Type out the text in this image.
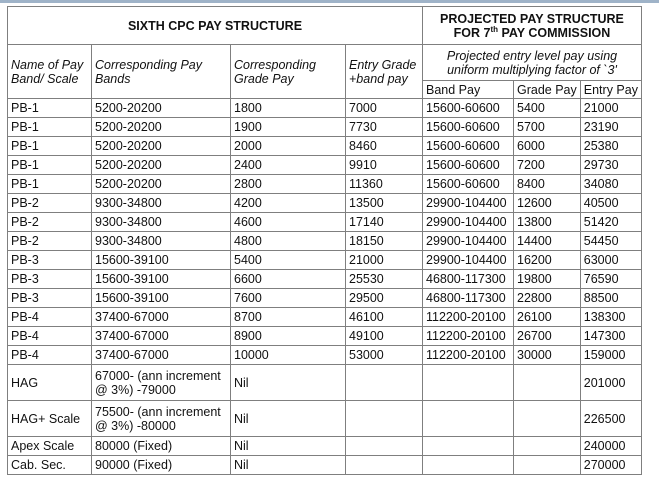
SIXTH CPC PAY STRUCTURE				PROJECTED PAY STRUCTURE
FOR 7th PAY COMMISSION		
Name of Pay Band/ Scale	Corresponding Pay Bands	Corresponding Grade Pay	Entry Grade +band pay	Projected entry level pay using uniform multiplying factor of `3'		
				Band Pay	Grade Pay	Entry Pay
PB-1	5200-20200	1800	7000	15600-60600	5400	21000
PB-1	5200-20200	1900	7730	15600-60600	5700	23190
PB-1	5200-20200	2000	8460	15600-60600	6000	25380
PB-1	5200-20200	2400	9910	15600-60600	7200	29730
PB-1	5200-20200	2800	11360	15600-60600	8400	34080
PB-2	9300-34800	4200	13500	29900-104400	12600	40500
PB-2	9300-34800	4600	17140	29900-104400	13800	51420
PB-2	9300-34800	4800	18150	29900-104400	14400	54450
PB-3	15600-39100	5400	21000	29900-104400	16200	63000
PB-3	15600-39100	6600	25530	46800-117300	19800	76590
PB-3	15600-39100	7600	29500	46800-117300	22800	88500
PB-4	37400-67000	8700	46100	112200-20100	26100	138300
PB-4	37400-67000	8900	49100	112200-20100	26700	147300
PB-4	37400-67000	10000	53000	112200-20100	30000	159000
HAG	67000- (ann increment @ 3%) -79000	Nil				201000
HAG+ Scale	75500- (ann increment @ 3%) -80000	Nil				226500
Apex Scale	80000 (Fixed)	Nil				240000
Cab. Sec.	90000 (Fixed)	Nil				270000
